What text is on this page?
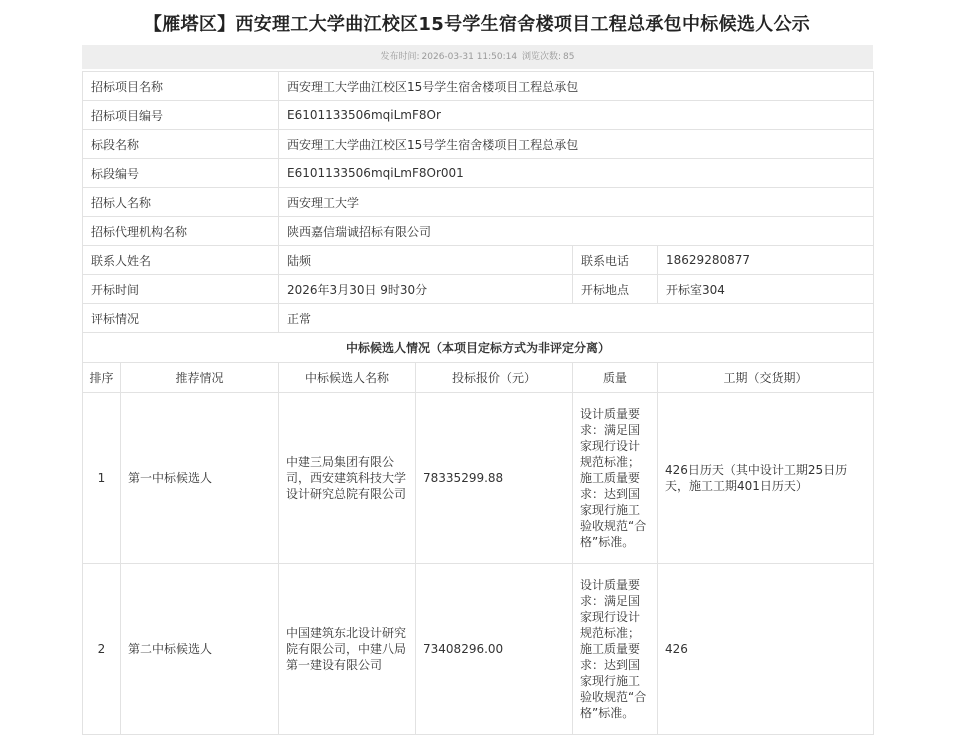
【雁塔区】西安理工大学曲江校区15号学生宿舍楼项目工程总承包中标候选人公示
发布时间: 2026-03-31 11:50:14 浏览次数: 85
招标项目名称		西安理工大学曲江校区15号学生宿舍楼项目工程总承包			
招标项目编号		E6101133506mqiLmF8Or			
标段名称		西安理工大学曲江校区15号学生宿舍楼项目工程总承包			
标段编号		E6101133506mqiLmF8Or001			
招标人名称		西安理工大学			
招标代理机构名称		陕西嘉信瑞诚招标有限公司			
联系人姓名		陆频		联系电话	18629280877
开标时间		2026年3月30日 9时30分		开标地点	开标室304
评标情况		正常			
中标候选人情况（本项目定标方式为非评定分离）					
排序	推荐情况	中标候选人名称	投标报价（元）	质量	工期（交货期）
1	第一中标候选人	中建三局集团有限公司，西安建筑科技大学设计研究总院有限公司	78335299.88	设计质量要求：满足国家现行设计规范标准；施工质量要求：达到国家现行施工验收规范“合格”标准。	426日历天（其中设计工期25日历天，施工工期401日历天）
2	第二中标候选人	中国建筑东北设计研究院有限公司，中建八局第一建设有限公司	73408296.00	设计质量要求：满足国家现行设计规范标准；施工质量要求：达到国家现行施工验收规范“合格”标准。	426
